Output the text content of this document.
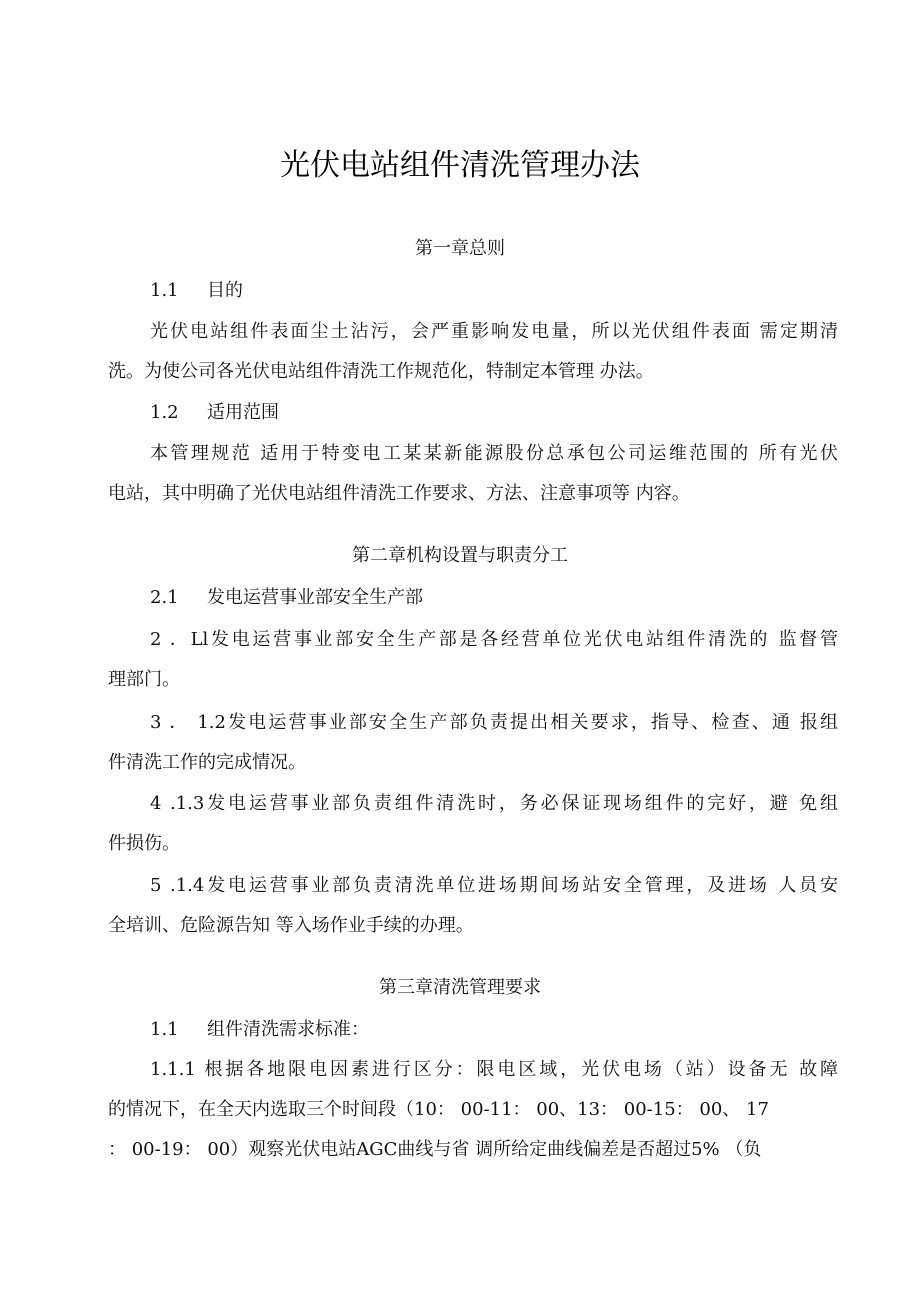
光伏电站组件清洗管理办法
第一章总则
1.1 目的
光伏电站组件表面尘土沾污，会严重影响发电量，所以光伏组件表面 需定期清
洗。为使公司各光伏电站组件清洗工作规范化，特制定本管理 办法。
1.2 适用范围
本管理规范 适用于特变电工某某新能源股份总承包公司运维范围的 所有光伏
电站，其中明确了光伏电站组件清洗工作要求、方法、注意事项等 内容。
第二章机构设置与职责分工
2.1 发电运营事业部安全生产部
2 ．Ll发电运营事业部安全生产部是各经营单位光伏电站组件清洗的 监督管
理部门。
3 ． 1.2发电运营事业部安全生产部负责提出相关要求，指导、检查、通 报组
件清洗工作的完成情况。
4 .1.3发电运营事业部负责组件清洗时，务必保证现场组件的完好，避 免组
件损伤。
5 .1.4发电运营事业部负责清洗单位进场期间场站安全管理，及进场 人员安
全培训、危险源告知 等入场作业手续的办理。
第三章清洗管理要求
1.1 组件清洗需求标准：
1.1.1 根据各地限电因素进行区分：限电区域，光伏电场（站）设备无 故障
的情况下，在全天内选取三个时间段（10： 00-11： 00、13： 00-15： 00、 17
： 00-19： 00）观察光伏电站AGC曲线与省 调所给定曲线偏差是否超过5% （负
